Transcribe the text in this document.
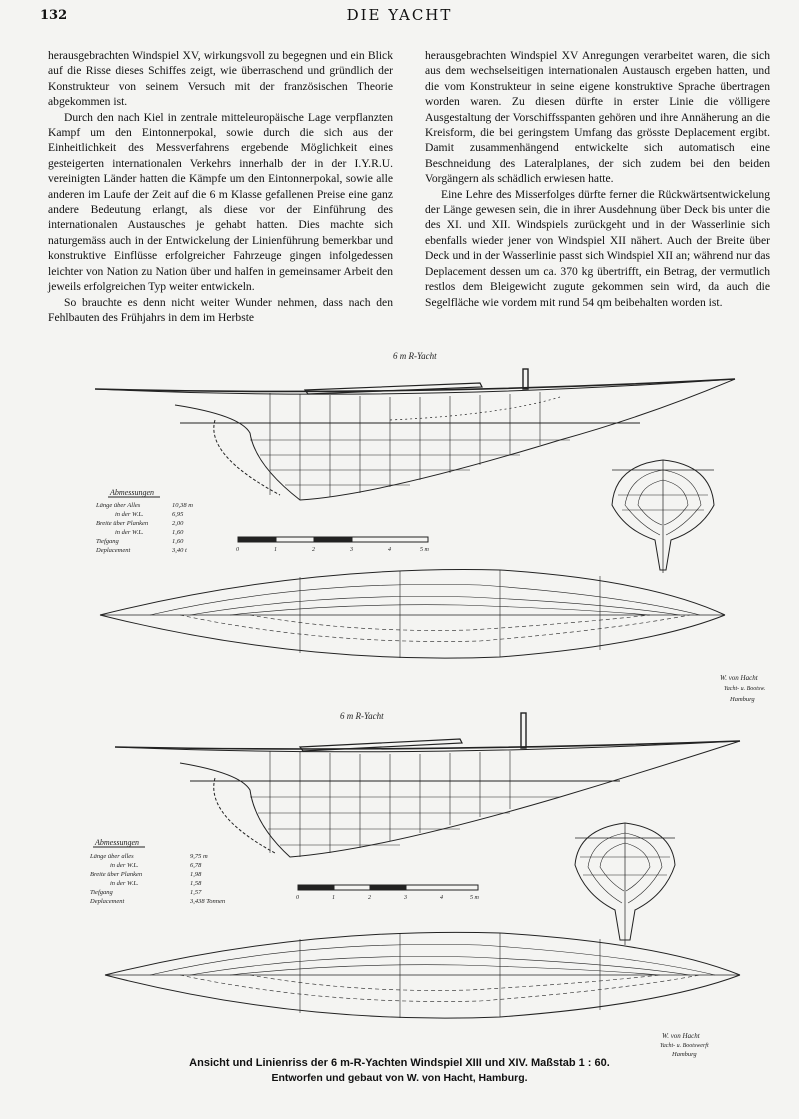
132	DIE YACHT

herausgebrachten Windspiel XV, wirkungsvoll zu begegnen und ein Blick auf die Risse dieses Schiffes zeigt, wie überraschend und gründlich der Konstrukteur von seinem Versuch mit der französischen Theorie abgekommen ist.

Durch den nach Kiel in zentrale mitteleuropäische Lage verpflanzten Kampf um den Eintonnerpokal, sowie durch die sich aus der Einheitlichkeit des Messverfahrens ergebende Möglichkeit eines gesteigerten internationalen Verkehrs innerhalb der in der I.Y.R.U. vereinigten Länder hatten die Kämpfe um den Eintonnerpokal, sowie alle anderen im Laufe der Zeit auf die 6 m Klasse gefallenen Preise eine ganz andere Bedeutung erlangt, als diese vor der Einführung des internationalen Austausches je gehabt hatten. Dies machte sich naturgemäss auch in der Entwickelung der Linienführung bemerkbar und konstruktive Einflüsse erfolgreicher Fahrzeuge gingen infolgedessen leichter von Nation zu Nation über und halfen in gemeinsamer Arbeit den jeweils erfolgreichen Typ weiter entwickeln.

So brauchte es denn nicht weiter Wunder nehmen, dass nach den Fehlbauten des Frühjahrs in dem im Herbste

herausgebrachten Windspiel XV Anregungen verarbeitet waren, die sich aus dem wechselseitigen internationalen Austausch ergeben hatten, und die vom Konstrukteur in seine eigene konstruktive Sprache übertragen worden waren. Zu diesen dürfte in erster Linie die völligere Ausgestaltung der Vorschiffsspanten gehören und ihre Annäherung an die Kreisform, die bei geringstem Umfang das grösste Deplacement ergibt. Damit zusammenhängend entwickelte sich automatisch eine Beschneidung des Lateralplanes, der sich zudem bei den beiden Vorgängern als schädlich erwiesen hatte.

Eine Lehre des Misserfolges dürfte ferner die Rückwärtsentwickelung der Länge gewesen sein, die in ihrer Ausdehnung über Deck bis unter die des XI. und XII. Windspiels zurückgeht und in der Wasserlinie sich ebenfalls wieder jener von Windspiel XII nähert. Auch der Breite über Deck und in der Wasserlinie passt sich Windspiel XII an; während nur das Deplacement dessen um ca. 370 kg übertrifft, ein Betrag, der vermutlich restlos dem Bleigewicht zugute gekommen sein wird, da auch die Segelfläche wie vordem mit rund 54 qm beibehalten worden ist.

6 m R-Yacht
Abmessungen
Länge über Alles	10,38 m
in der W.L.	6,95
Breite über Planken	2,00
in der W.L.	1,60
Tiefgang	1,60
Deplacement	3,40 t	0	1	2	3	4	5 m
W. von Hacht
Yacht- u. Bootsw.
Hamburg
6 m R-Yacht
Abmessungen
Länge über alles	9,75 m
in der W.L.	6,78
Breite über Planken	1,98
in der W.L.	1,58
Tiefgang	1,57
Deplacement	3,438 Tonnen	0	1	2	3	4	5 m
W. von Hacht
Yacht- u. Bootswerft
Hamburg
Ansicht und Linienriss der 6 m-R-Yachten Windspiel XIII und XIV. Maßstab 1 : 60.
Entworfen und gebaut von W. von Hacht, Hamburg.
